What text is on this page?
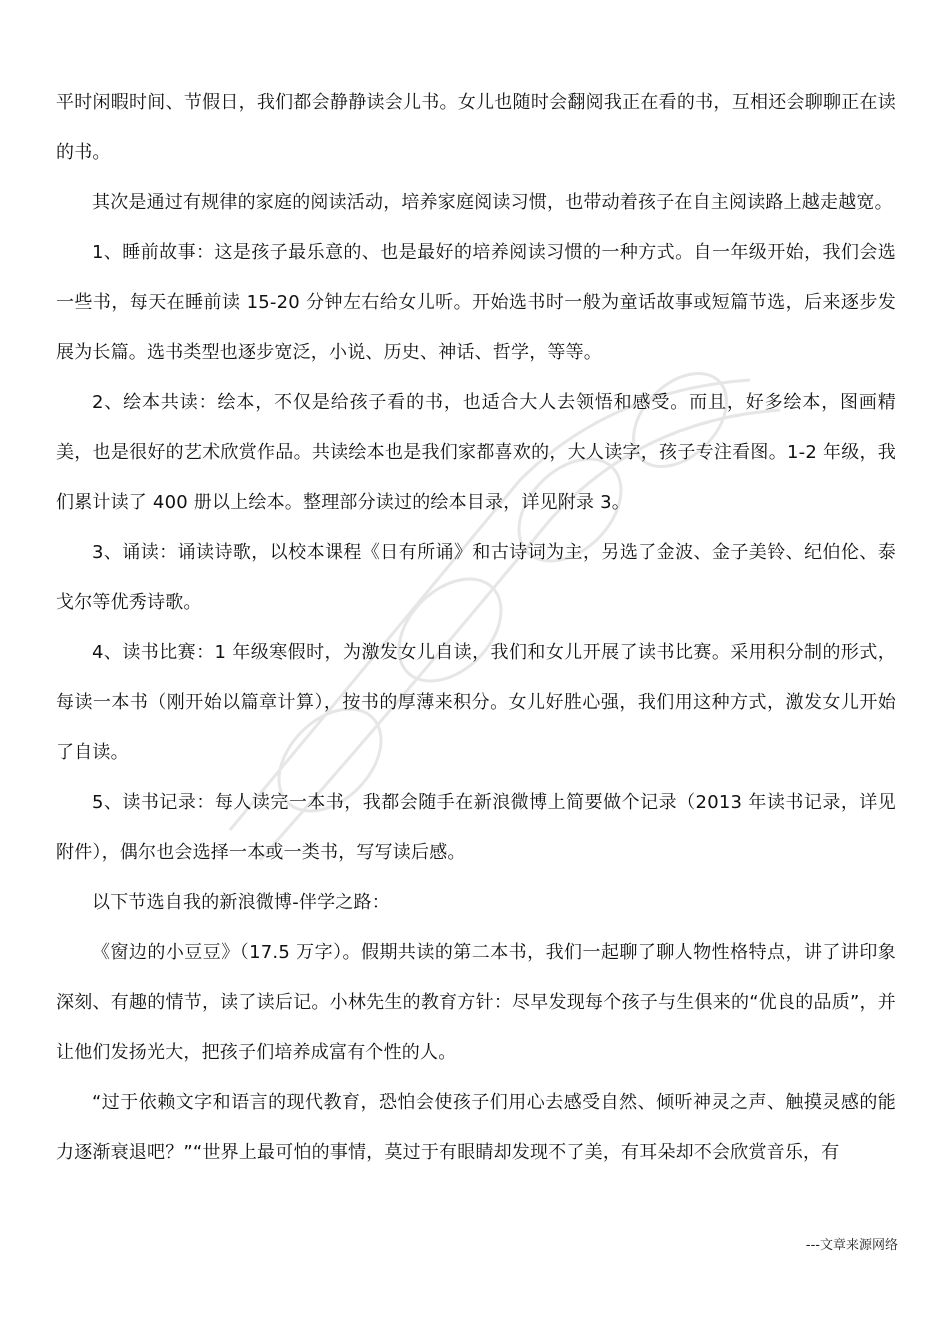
平时闲暇时间、节假日，我们都会静静读会儿书。女儿也随时会翻阅我正在看的书，互相还会聊聊正在读的书。

其次是通过有规律的家庭的阅读活动，培养家庭阅读习惯，也带动着孩子在自主阅读路上越走越宽。

1、睡前故事：这是孩子最乐意的、也是最好的培养阅读习惯的一种方式。自一年级开始，我们会选一些书，每天在睡前读 15-20 分钟左右给女儿听。开始选书时一般为童话故事或短篇节选，后来逐步发展为长篇。选书类型也逐步宽泛，小说、历史、神话、哲学，等等。

2、绘本共读：绘本，不仅是给孩子看的书，也适合大人去领悟和感受。而且，好多绘本，图画精美，也是很好的艺术欣赏作品。共读绘本也是我们家都喜欢的，大人读字，孩子专注看图。1-2 年级，我们累计读了 400 册以上绘本。整理部分读过的绘本目录，详见附录 3。

3、诵读：诵读诗歌，以校本课程《日有所诵》和古诗词为主，另选了金波、金子美铃、纪伯伦、泰戈尔等优秀诗歌。

4、读书比赛：1 年级寒假时，为激发女儿自读，我们和女儿开展了读书比赛。采用积分制的形式，每读一本书（刚开始以篇章计算），按书的厚薄来积分。女儿好胜心强，我们用这种方式，激发女儿开始了自读。

5、读书记录：每人读完一本书，我都会随手在新浪微博上简要做个记录（2013 年读书记录，详见附件），偶尔也会选择一本或一类书，写写读后感。

以下节选自我的新浪微博-伴学之路：

《窗边的小豆豆》（17.5 万字）。假期共读的第二本书，我们一起聊了聊人物性格特点，讲了讲印象深刻、有趣的情节，读了读后记。小林先生的教育方针：尽早发现每个孩子与生俱来的“优良的品质”，并让他们发扬光大，把孩子们培养成富有个性的人。

“过于依赖文字和语言的现代教育，恐怕会使孩子们用心去感受自然、倾听神灵之声、触摸灵感的能力逐渐衰退吧？”“世界上最可怕的事情，莫过于有眼睛却发现不了美，有耳朵却不会欣赏音乐，有

---文章来源网络
